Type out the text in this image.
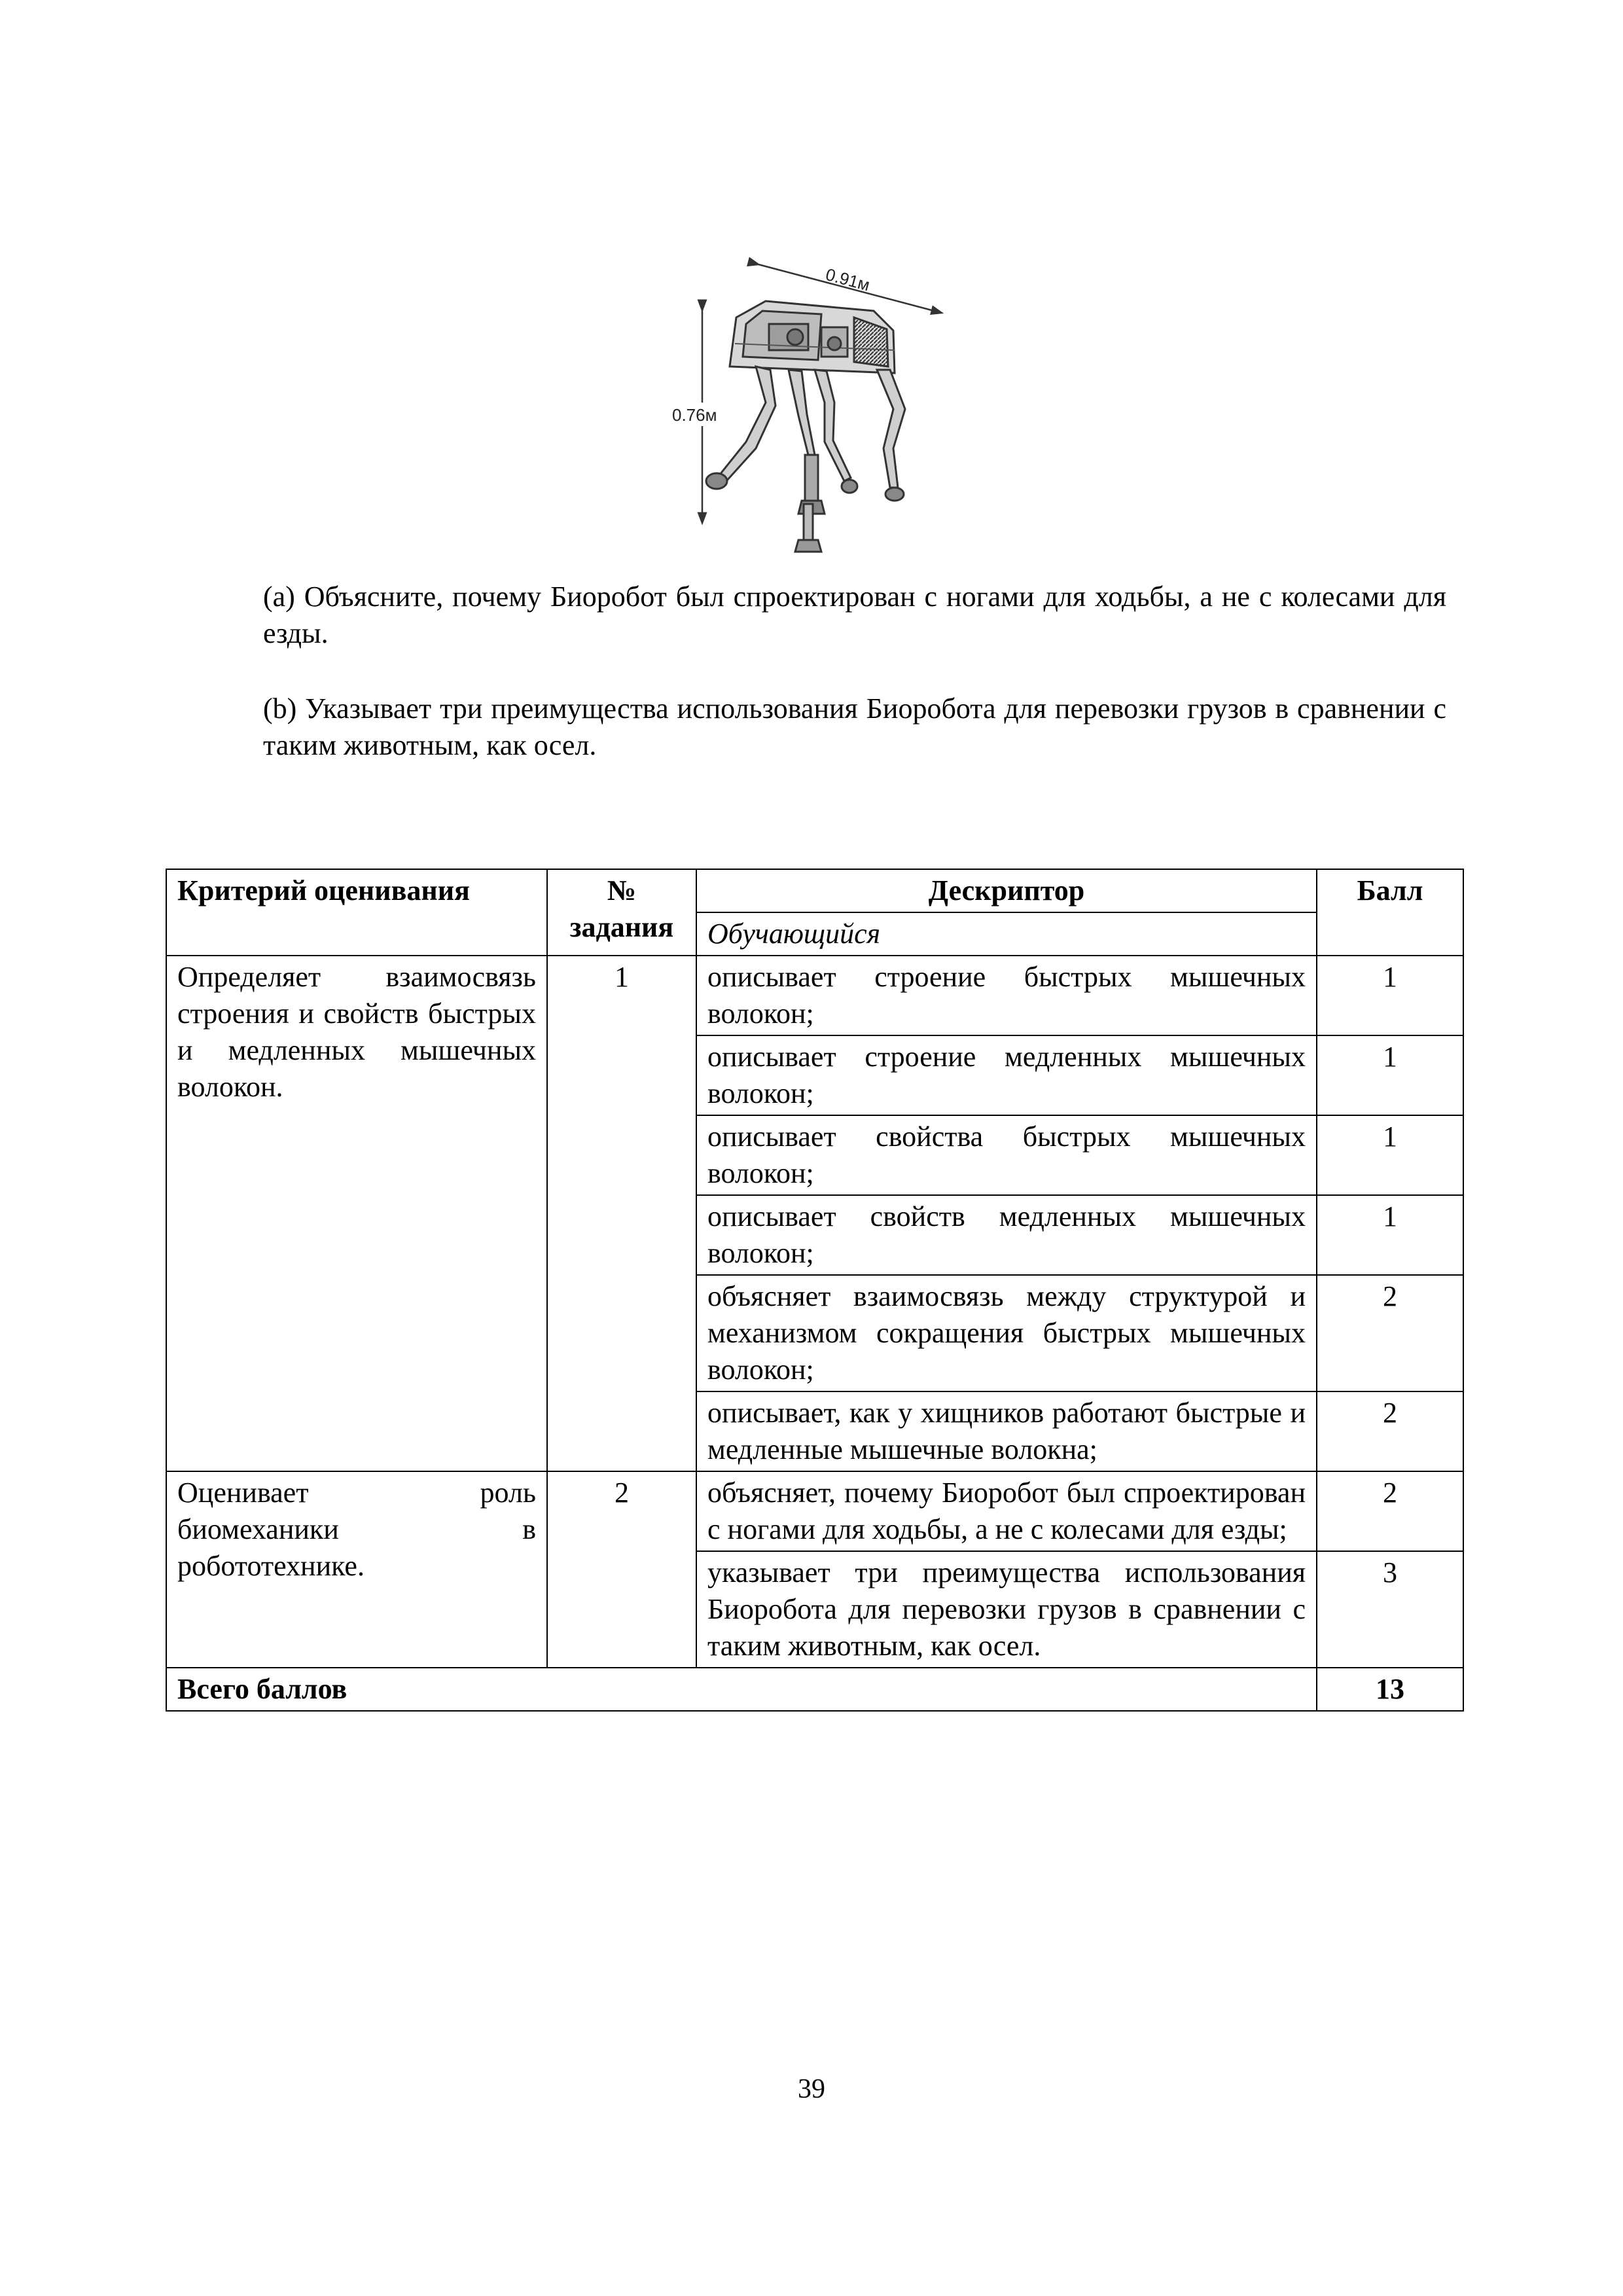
0.91м
0.76м

(a) Объясните, почему Биоробот был спроектирован с ногами для ходьбы, а не с колесами для езды.

(b) Указывает три преимущества использования Биоробота для перевозки грузов в сравнении с таким животным, как осел.

Критерий оценивания	№ задания	Дескриптор	Балл
		Обучающийся	
Определяет взаимосвязь строения и свойств быстрых и медленных мышечных волокон.	1	описывает строение быстрых мышечных волокон;	1
		описывает строение медленных мышечных волокон;	1
		описывает свойства быстрых мышечных волокон;	1
		описывает свойств медленных мышечных волокон;	1
		объясняет взаимосвязь между структурой и механизмом сокращения быстрых мышечных волокон;	2
		описывает, как у хищников работают быстрые и медленные мышечные волокна;	2
Оценивает роль биомеханики в робототехнике.	2	объясняет, почему Биоробот был спроектирован с ногами для ходьбы, а не с колесами для езды;	2
		указывает три преимущества использования Биоробота для перевозки грузов в сравнении с таким животным, как осел.	3
Всего баллов			13
39
